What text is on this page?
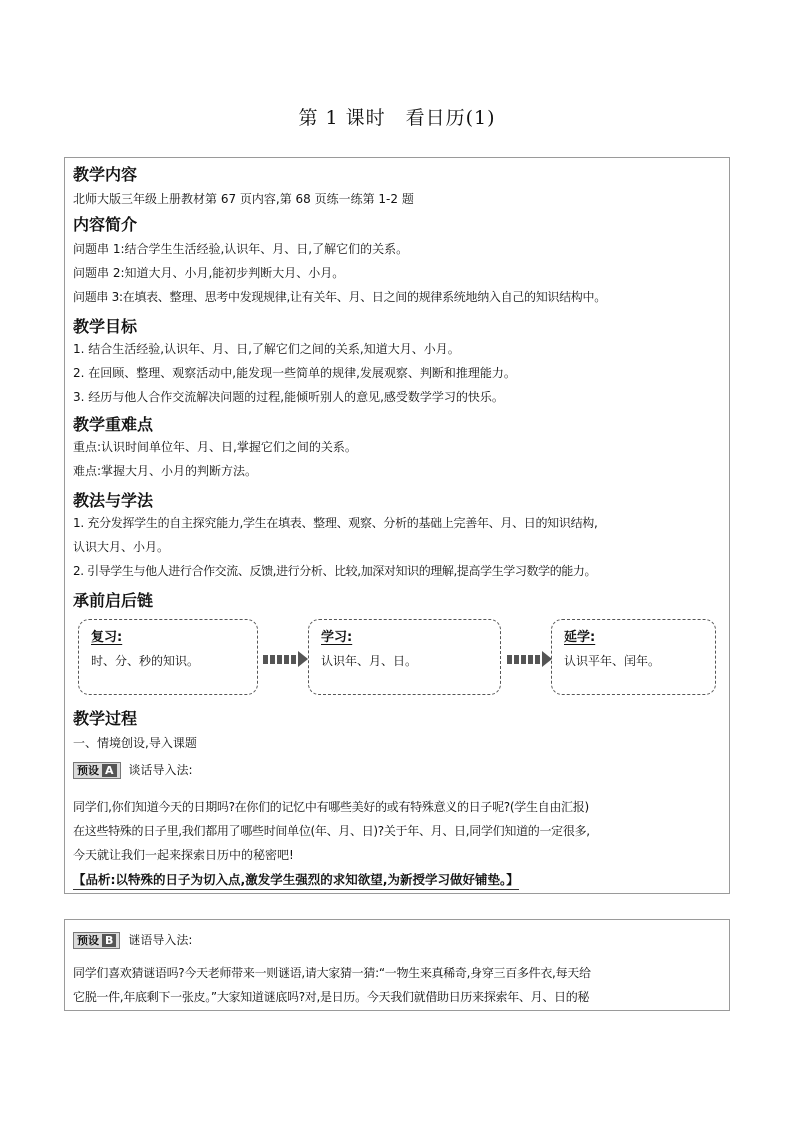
第 1 课时　看日历(1)
教学内容
北师大版三年级上册教材第 67 页内容,第 68 页练一练第 1-2 题
内容简介
问题串 1:结合学生生活经验,认识年、月、日,了解它们的关系。
问题串 2:知道大月、小月,能初步判断大月、小月。
问题串 3:在填表、整理、思考中发现规律,让有关年、月、日之间的规律系统地纳入自己的知识结构中。
教学目标
1. 结合生活经验,认识年、月、日,了解它们之间的关系,知道大月、小月。
2. 在回顾、整理、观察活动中,能发现一些简单的规律,发展观察、判断和推理能力。
3. 经历与他人合作交流解决问题的过程,能倾听别人的意见,感受数学学习的快乐。
教学重难点
重点:认识时间单位年、月、日,掌握它们之间的关系。
难点:掌握大月、小月的判断方法。
教法与学法
1. 充分发挥学生的自主探究能力,学生在填表、整理、观察、分析的基础上完善年、月、日的知识结构,
认识大月、小月。
2. 引导学生与他人进行合作交流、反馈,进行分析、比较,加深对知识的理解,提高学生学习数学的能力。
承前启后链
复习:
时、分、秒的知识。
学习:
认识年、月、日。
延学:
认识平年、闰年。
教学过程
一、情境创设,导入课题
预设 A 谈话导入法:
同学们,你们知道今天的日期吗?在你们的记忆中有哪些美好的或有特殊意义的日子呢?(学生自由汇报)
在这些特殊的日子里,我们都用了哪些时间单位(年、月、日)?关于年、月、日,同学们知道的一定很多,
今天就让我们一起来探索日历中的秘密吧!
【品析:以特殊的日子为切入点,激发学生强烈的求知欲望,为新授学习做好铺垫。】
预设 B 谜语导入法:
同学们喜欢猜谜语吗?今天老师带来一则谜语,请大家猜一猜:“一物生来真稀奇,身穿三百多件衣,每天给
它脱一件,年底剩下一张皮。”大家知道谜底吗?对,是日历。今天我们就借助日历来探索年、月、日的秘
